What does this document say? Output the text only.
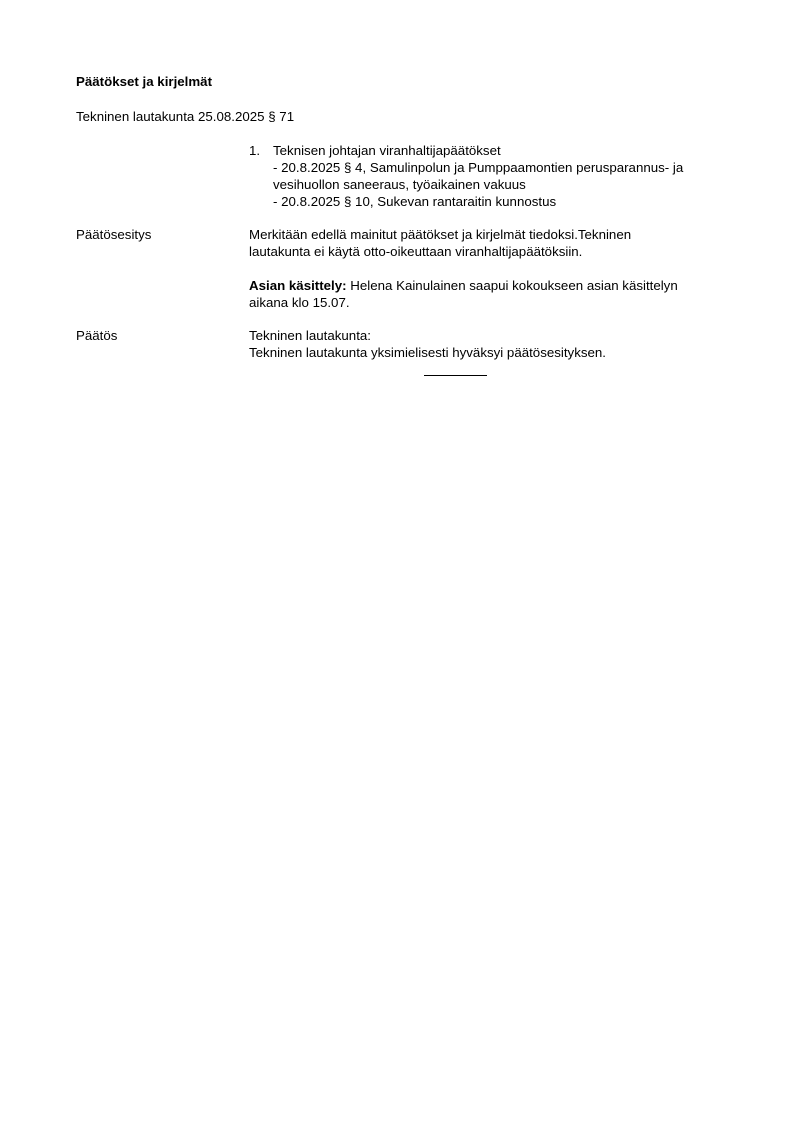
Päätökset ja kirjelmät
Tekninen lautakunta 25.08.2025 § 71
1. Teknisen johtajan viranhaltijapäätökset
- 20.8.2025 § 4, Samulinpolun ja Pumppaamontien perusparannus- ja
vesihuollon saneeraus, työaikainen vakuus
- 20.8.2025 § 10, Sukevan rantaraitin kunnostus
Päätösesitys	Merkitään edellä mainitut päätökset ja kirjelmät tiedoksi.Tekninen
lautakunta ei käytä otto-oikeuttaan viranhaltijapäätöksiin.
Asian käsittely: Helena Kainulainen saapui kokoukseen asian käsittelyn
aikana klo 15.07.
Päätös	Tekninen lautakunta:
Tekninen lautakunta yksimielisesti hyväksyi päätösesityksen.
